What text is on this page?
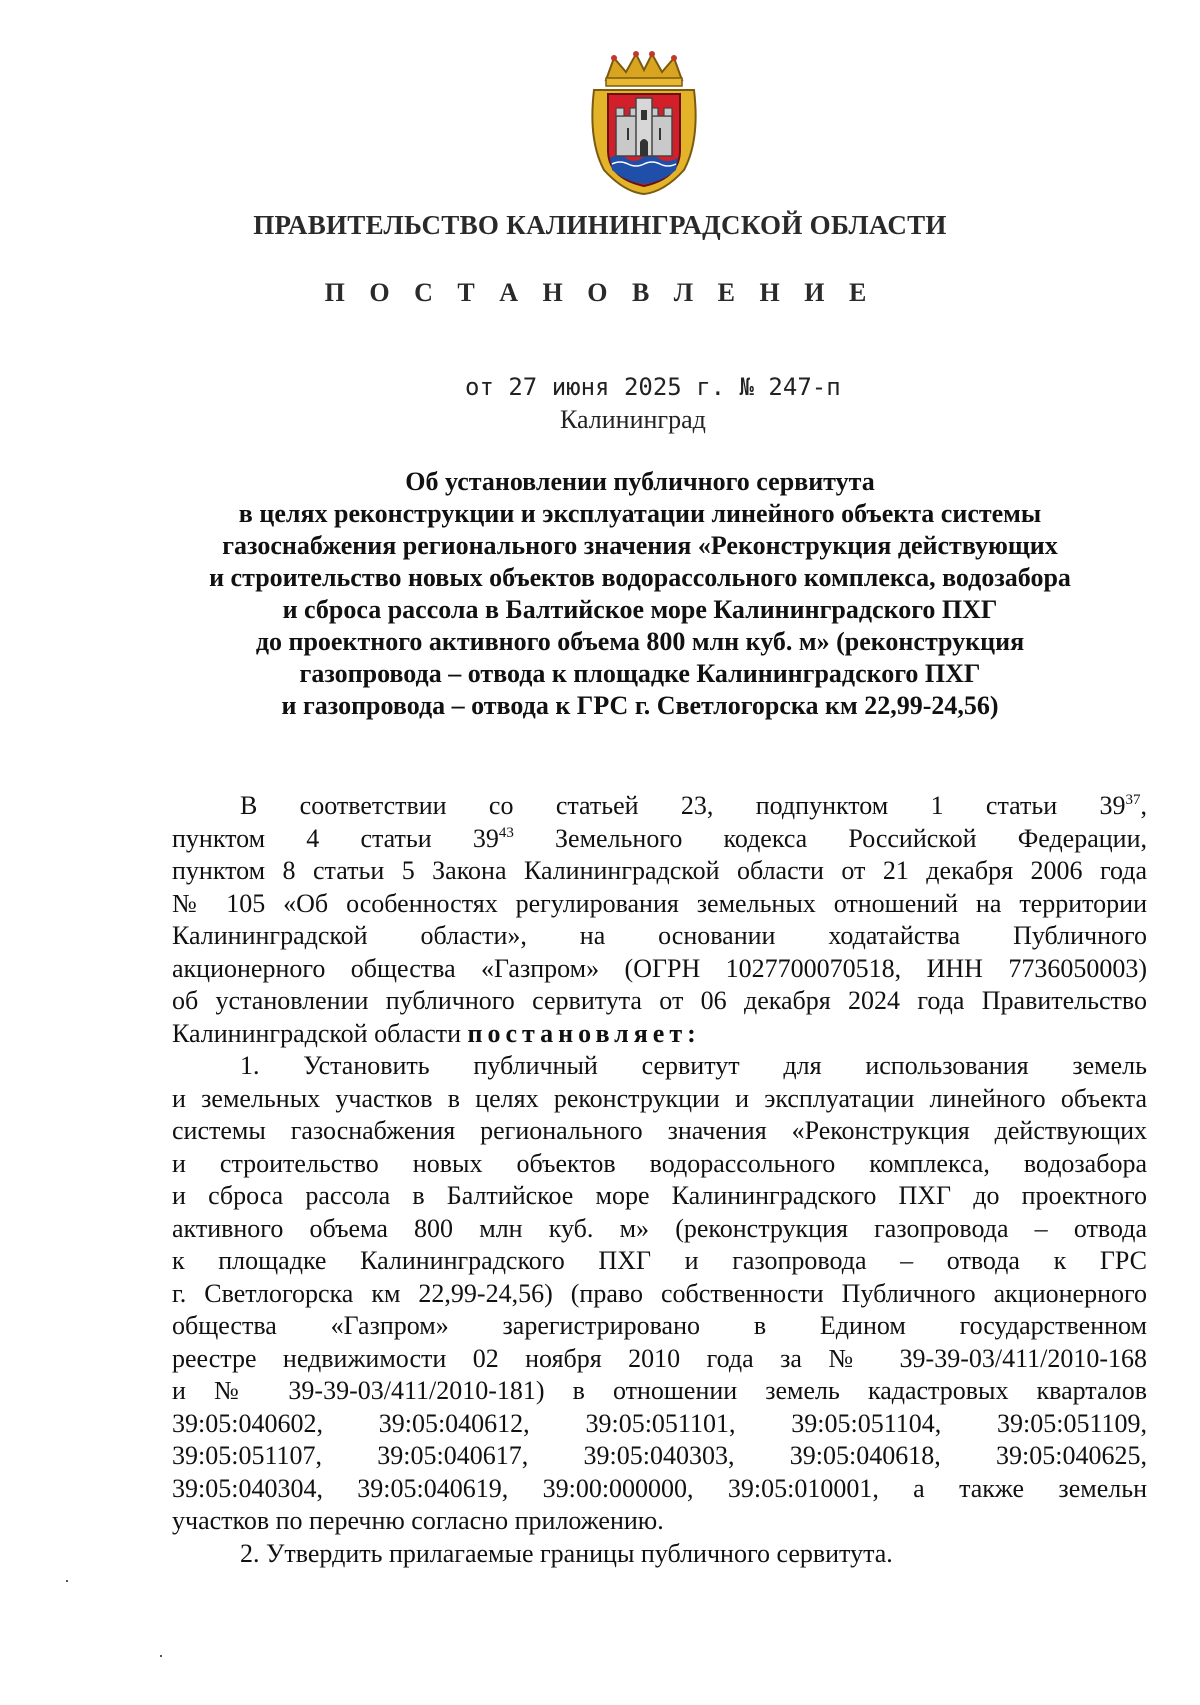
ПРАВИТЕЛЬСТВО КАЛИНИНГРАДСКОЙ ОБЛАСТИ
П О С Т А Н О В Л Е Н И Е
от 27 июня 2025 г. № 247-п
Калининград
Об установлении публичного сервитута
в целях реконструкции и эксплуатации линейного объекта системы
газоснабжения регионального значения «Реконструкция действующих
и строительство новых объектов водорассольного комплекса, водозабора
и сброса рассола в Балтийское море Калининградского ПХГ
до проектного активного объема 800 млн куб. м» (реконструкция
газопровода – отвода к площадке Калининградского ПХГ
и газопровода – отвода к ГРС г. Светлогорска км 22,99-24,56)
В соответствии со статьей 23, подпунктом 1 статьи $39^{37}$,
пунктом 4 статьи $39^{43}$ Земельного кодекса Российской Федерации,
пунктом 8 статьи 5 Закона Калининградской области от 21 декабря 2006 года
№ 105 «Об особенностях регулирования земельных отношений на территории
Калининградской области», на основании ходатайства Публичного
акционерного общества «Газпром» (ОГРН 1027700070518, ИНН 7736050003)
об установлении публичного сервитута от 06 декабря 2024 года Правительство
Калининградской области постановляет:
1. Установить публичный сервитут для использования земель
и земельных участков в целях реконструкции и эксплуатации линейного объекта
системы газоснабжения регионального значения «Реконструкция действующих
и строительство новых объектов водорассольного комплекса, водозабора
и сброса рассола в Балтийское море Калининградского ПХГ до проектного
активного объема 800 млн куб. м» (реконструкция газопровода – отвода
к площадке Калининградского ПХГ и газопровода – отвода к ГРС
г. Светлогорска км 22,99-24,56) (право собственности Публичного акционерного
общества «Газпром» зарегистрировано в Едином государственном
реестре недвижимости 02 ноября 2010 года за № 39-39-03/411/2010-168
и № 39-39-03/411/2010-181) в отношении земель кадастровых кварталов
39:05:040602, 39:05:040612, 39:05:051101, 39:05:051104, 39:05:051109,
39:05:051107, 39:05:040617, 39:05:040303, 39:05:040618, 39:05:040625,
39:05:040304, 39:05:040619, 39:00:000000, 39:05:010001, а также земельн
участков по перечню согласно приложению.
2. Утвердить прилагаемые границы публичного сервитута.
